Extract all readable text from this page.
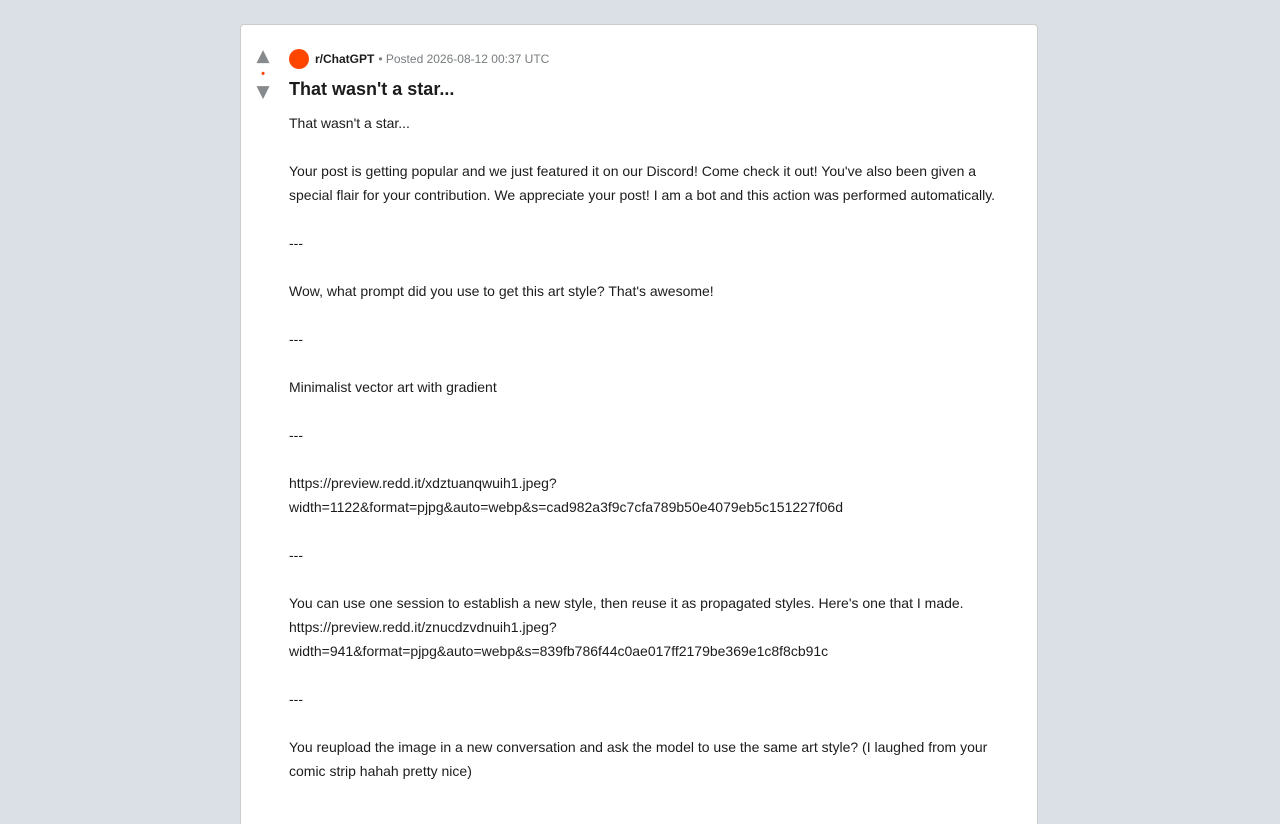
▲
•
▼
r/ChatGPT • Posted 2026-08-12 00:37 UTC
That wasn't a star...

That wasn't a star...

Your post is getting popular and we just featured it on our Discord! Come check it out! You've also been given a special flair for your contribution. We appreciate your post! I am a bot and this action was performed automatically.

---

Wow, what prompt did you use to get this art style? That's awesome!

---

Minimalist vector art with gradient

---

https://preview.redd.it/xdztuanqwuih1.jpeg?
width=1122&format=pjpg&auto=webp&s=cad982a3f9c7cfa789b50e4079eb5c151227f06d

---

You can use one session to establish a new style, then reuse it as propagated styles. Here's one that I made.
https://preview.redd.it/znucdzvdnuih1.jpeg?
width=941&format=pjpg&auto=webp&s=839fb786f44c0ae017ff2179be369e1c8f8cb91c

---

You reupload the image in a new conversation and ask the model to use the same art style? (I laughed from your comic strip hahah pretty nice)
